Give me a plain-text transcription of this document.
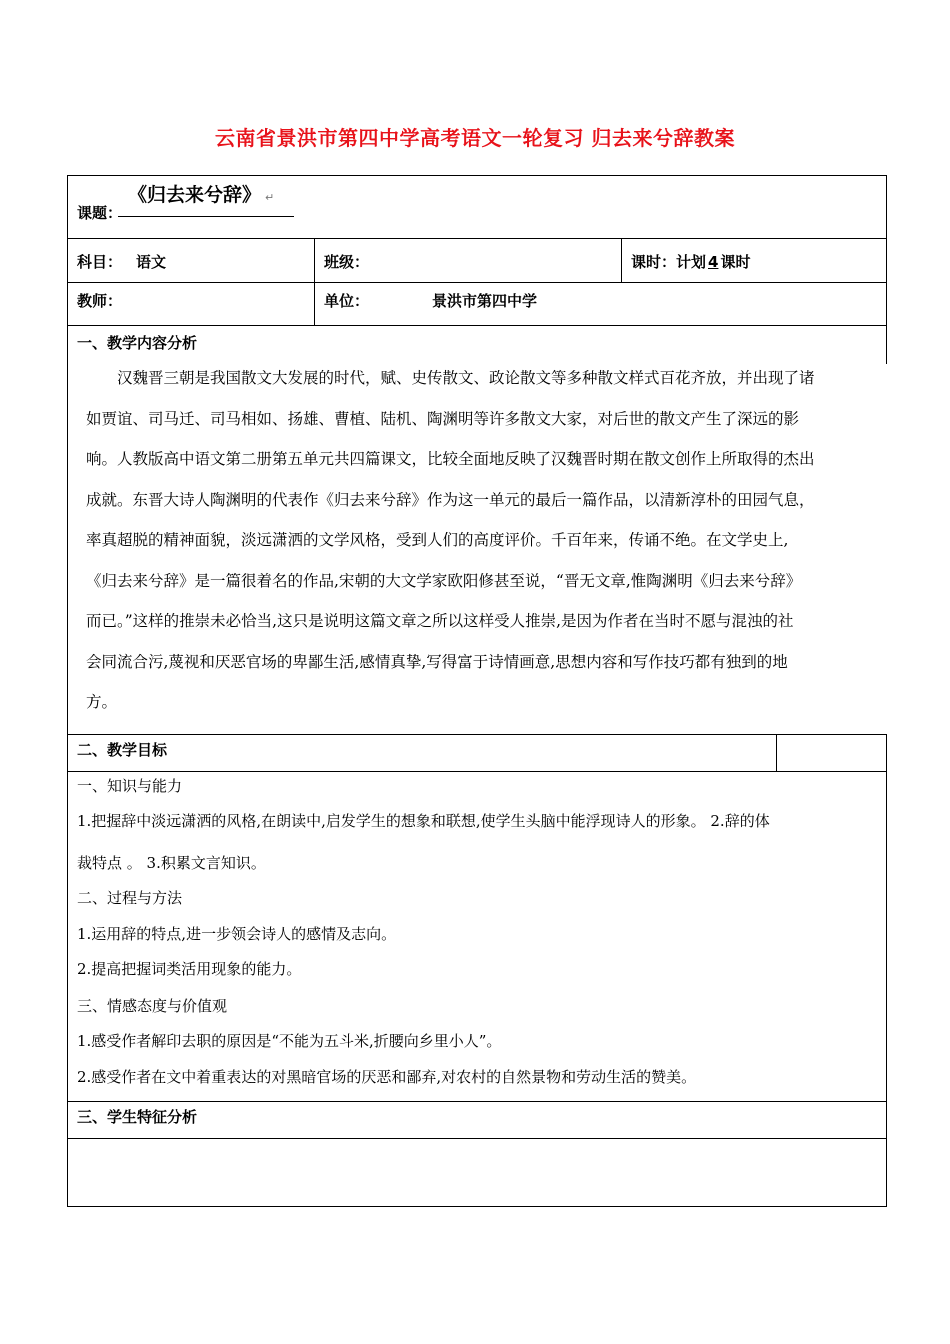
云南省景洪市第四中学高考语文一轮复习 归去来兮辞教案
课题：
《归去来兮辞》 ↵
科目： 语文	班级：	课时：计划 4 课时
教师：	单位：	景洪市第四中学
一、教学内容分析

汉魏晋三朝是我国散文大发展的时代，赋、史传散文、政论散文等多种散文样式百花齐放，并出现了诸

如贾谊、司马迁、司马相如、扬雄、曹植、陆机、陶渊明等许多散文大家，对后世的散文产生了深远的影

响。人教版高中语文第二册第五单元共四篇课文，比较全面地反映了汉魏晋时期在散文创作上所取得的杰出

成就。东晋大诗人陶渊明的代表作《归去来兮辞》作为这一单元的最后一篇作品，以清新淳朴的田园气息，

率真超脱的精神面貌，淡远潇洒的文学风格，受到人们的高度评价。千百年来，传诵不绝。在文学史上,

《归去来兮辞》是一篇很着名的作品,宋朝的大文学家欧阳修甚至说，“晋无文章,惟陶渊明《归去来兮辞》

而已。”这样的推崇未必恰当,这只是说明这篇文章之所以这样受人推崇,是因为作者在当时不愿与混浊的社

会同流合污,蔑视和厌恶官场的卑鄙生活,感情真挚,写得富于诗情画意,思想内容和写作技巧都有独到的地

方。

二、教学目标
一、知识与能力
1.把握辞中淡远潇洒的风格,在朗读中,启发学生的想象和联想,使学生头脑中能浮现诗人的形象。 2.辞的体
裁特点 。 3.积累文言知识。
二、过程与方法
1.运用辞的特点,进一步领会诗人的感情及志向。
2.提高把握词类活用现象的能力。
三、情感态度与价值观
1.感受作者解印去职的原因是“不能为五斗米,折腰向乡里小人”。
2.感受作者在文中着重表达的对黑暗官场的厌恶和鄙弃,对农村的自然景物和劳动生活的赞美。
三、学生特征分析
